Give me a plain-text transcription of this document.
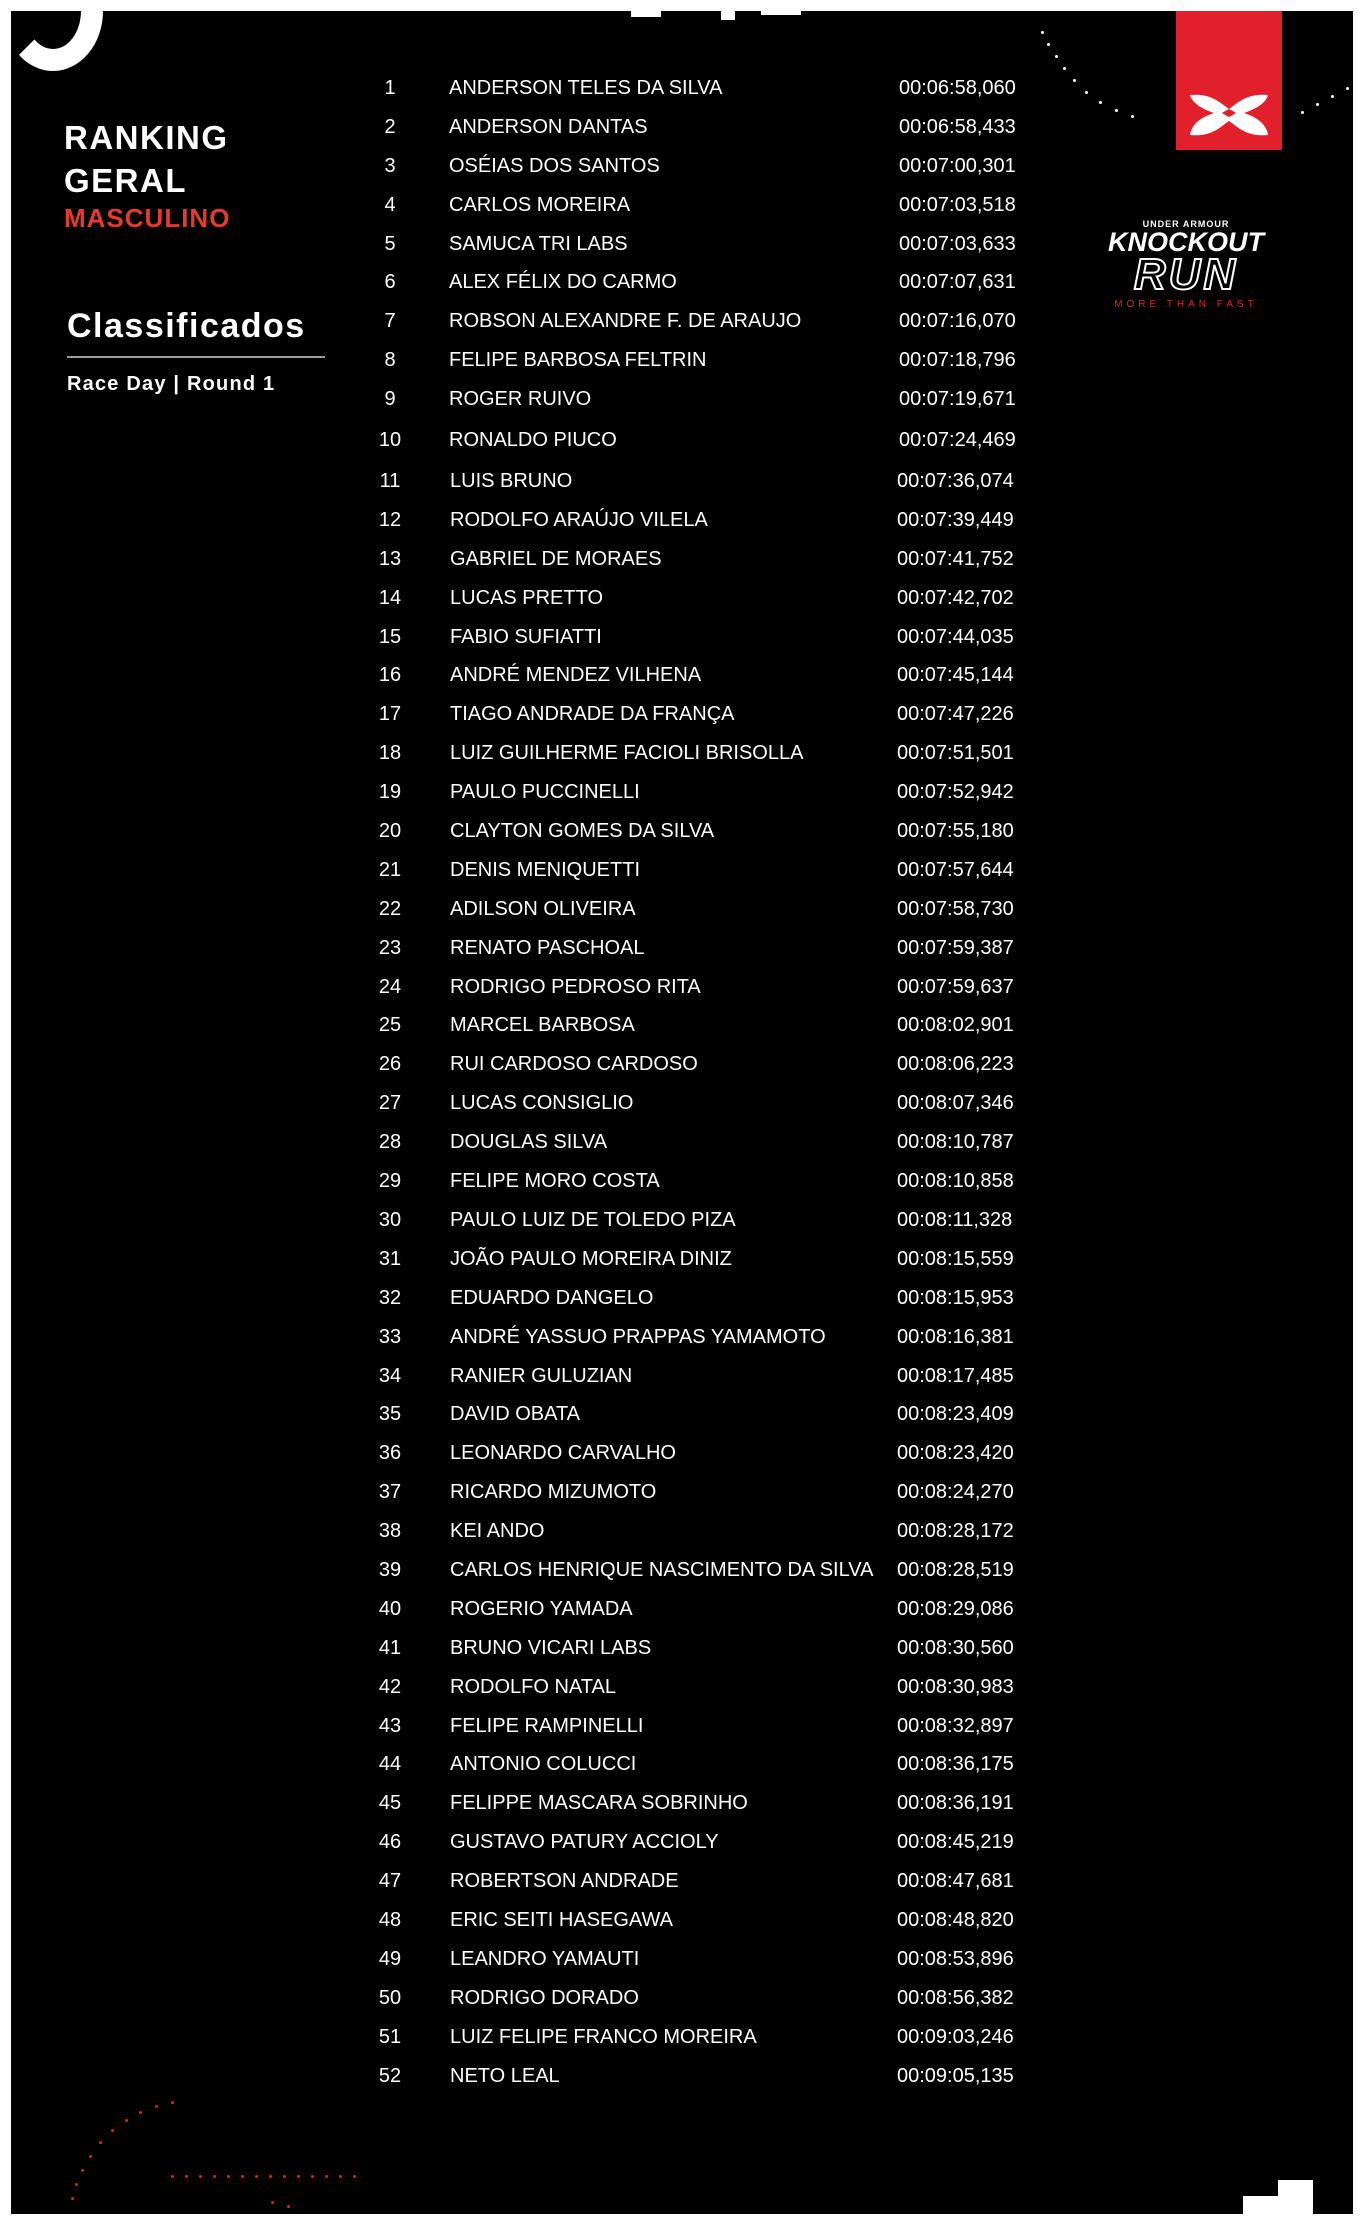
RANKING
GERAL
MASCULINO
Classificados
Race Day | Round 1
UNDER ARMOUR
KNOCKOUT
RUN
MORE THAN FAST
1	ANDERSON TELES DA SILVA	00:06:58,060
2	ANDERSON DANTAS	00:06:58,433
3	OSÉIAS DOS SANTOS	00:07:00,301
4	CARLOS MOREIRA	00:07:03,518
5	SAMUCA TRI LABS	00:07:03,633
6	ALEX FÉLIX DO CARMO	00:07:07,631
7	ROBSON ALEXANDRE F. DE ARAUJO	00:07:16,070
8	FELIPE BARBOSA FELTRIN	00:07:18,796
9	ROGER RUIVO	00:07:19,671
10	RONALDO PIUCO	00:07:24,469
11	LUIS BRUNO	00:07:36,074
12	RODOLFO ARAÚJO VILELA	00:07:39,449
13	GABRIEL DE MORAES	00:07:41,752
14	LUCAS PRETTO	00:07:42,702
15	FABIO SUFIATTI	00:07:44,035
16	ANDRÉ MENDEZ VILHENA	00:07:45,144
17	TIAGO ANDRADE DA FRANÇA	00:07:47,226
18	LUIZ GUILHERME FACIOLI BRISOLLA	00:07:51,501
19	PAULO PUCCINELLI	00:07:52,942
20	CLAYTON GOMES DA SILVA	00:07:55,180
21	DENIS MENIQUETTI	00:07:57,644
22	ADILSON OLIVEIRA	00:07:58,730
23	RENATO PASCHOAL	00:07:59,387
24	RODRIGO PEDROSO RITA	00:07:59,637
25	MARCEL BARBOSA	00:08:02,901
26	RUI CARDOSO CARDOSO	00:08:06,223
27	LUCAS CONSIGLIO	00:08:07,346
28	DOUGLAS SILVA	00:08:10,787
29	FELIPE MORO COSTA	00:08:10,858
30	PAULO LUIZ DE TOLEDO PIZA	00:08:11,328
31	JOÃO PAULO MOREIRA DINIZ	00:08:15,559
32	EDUARDO DANGELO	00:08:15,953
33	ANDRÉ YASSUO PRAPPAS YAMAMOTO	00:08:16,381
34	RANIER GULUZIAN	00:08:17,485
35	DAVID OBATA	00:08:23,409
36	LEONARDO CARVALHO	00:08:23,420
37	RICARDO MIZUMOTO	00:08:24,270
38	KEI ANDO	00:08:28,172
39	CARLOS HENRIQUE NASCIMENTO DA SILVA 00:08:28,519
40	ROGERIO YAMADA	00:08:29,086
41	BRUNO VICARI LABS	00:08:30,560
42	RODOLFO NATAL	00:08:30,983
43	FELIPE RAMPINELLI	00:08:32,897
44	ANTONIO COLUCCI	00:08:36,175
45	FELIPPE MASCARA SOBRINHO	00:08:36,191
46	GUSTAVO PATURY ACCIOLY	00:08:45,219
47	ROBERTSON ANDRADE	00:08:47,681
48	ERIC SEITI HASEGAWA	00:08:48,820
49	LEANDRO YAMAUTI	00:08:53,896
50	RODRIGO DORADO	00:08:56,382
51	LUIZ FELIPE FRANCO MOREIRA	00:09:03,246
52	NETO LEAL	00:09:05,135
